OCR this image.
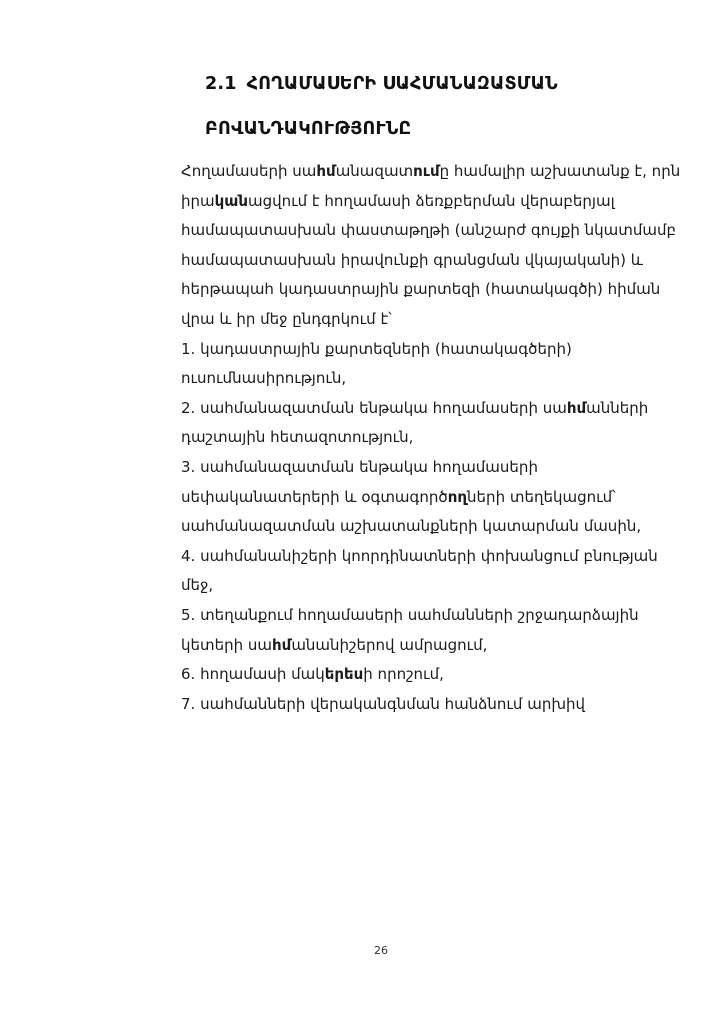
2.1 ՀՈՂԱՄԱՍԵՐԻ ՍԱՀՄԱՆԱԶԱՏՄԱՆ
ԲՈՎԱՆԴԱԿՈՒԹՅՈՒՆԸ

Հողամասերի սահմանազատումը համալիր աշխատանք է, որն

իրականացվում է հողամասի ձեռքբերման վերաբերյալ

համապատասխան փաստաթղթի (անշարժ գույքի նկատմամբ

համապատասխան իրավունքի գրանցման վկայականի) և

հերթապահ կադաստրային քարտեզի (հատակագծի) հիման

վրա և իր մեջ ընդգրկում է՝

1. կադաստրային քարտեզների (հատակագծերի)

ուսումնասիրություն,

2. սահմանազատման ենթակա հողամասերի սահմանների

դաշտային հետազոտություն,

3. սահմանազատման ենթակա հողամասերի

սեփականատերերի և օգտագործողների տեղեկացում՝

սահմանազատման աշխատանքների կատարման մասին,

4. սահմանանիշերի կոորդինատների փոխանցում բնության

մեջ,

5. տեղանքում հողամասերի սահմանների շրջադարձային

կետերի սահմանանիշերով ամրացում,

6. հողամասի մակերեսի որոշում,

7. սահմանների վերականգնման հանձնում արխիվ

26
